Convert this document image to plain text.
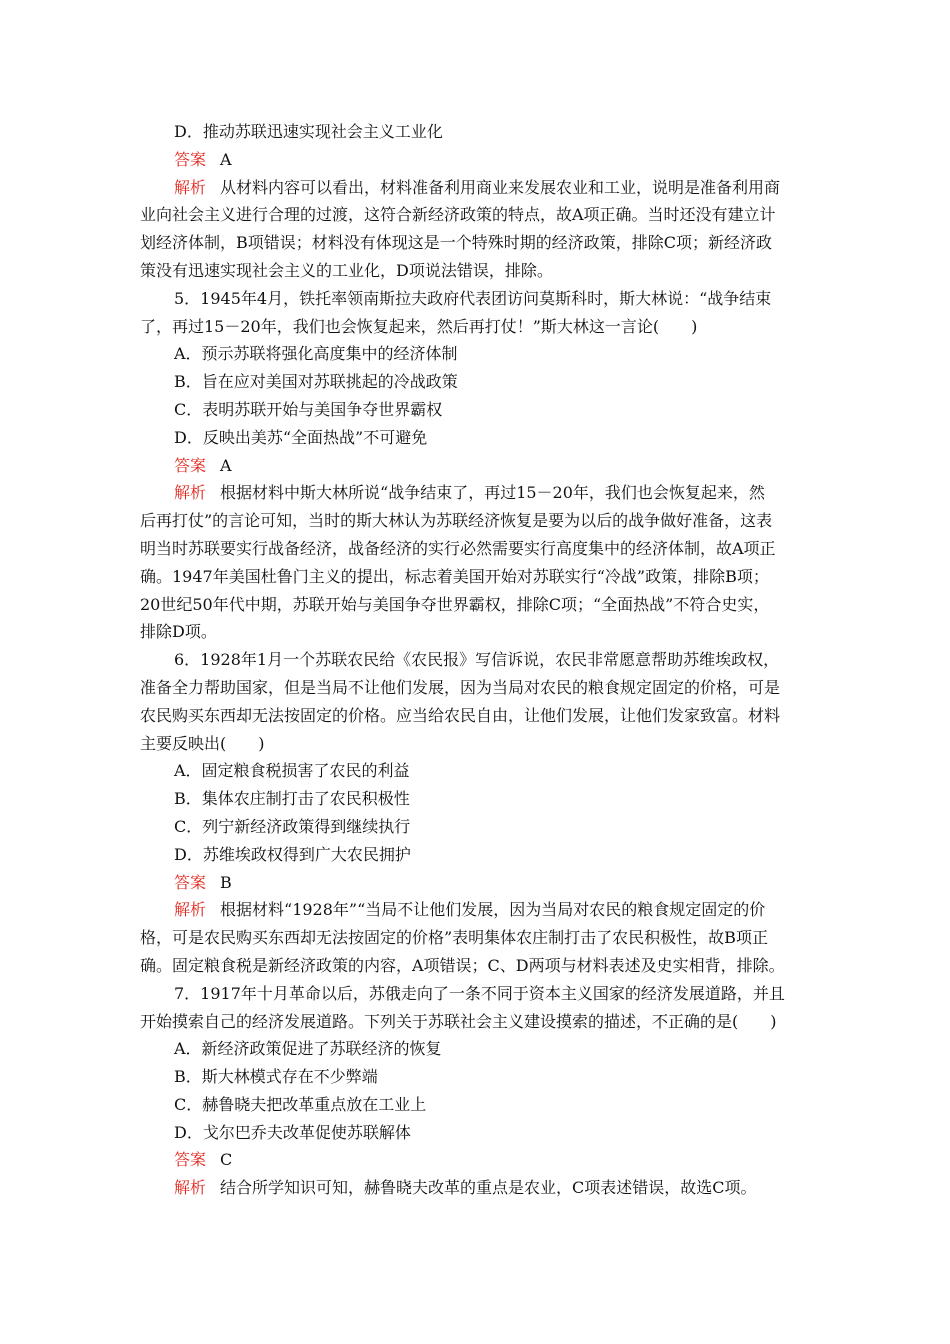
D．推动苏联迅速实现社会主义工业化
答案 A
解析 从材料内容可以看出，材料准备利用商业来发展农业和工业，说明是准备利用商
业向社会主义进行合理的过渡，这符合新经济政策的特点，故A项正确。当时还没有建立计
划经济体制，B项错误；材料没有体现这是一个特殊时期的经济政策，排除C项；新经济政
策没有迅速实现社会主义的工业化，D项说法错误，排除。
5．1945年4月，铁托率领南斯拉夫政府代表团访问莫斯科时，斯大林说：“战争结束
了，再过15－20年，我们也会恢复起来，然后再打仗！”斯大林这一言论(　　)
A．预示苏联将强化高度集中的经济体制
B．旨在应对美国对苏联挑起的冷战政策
C．表明苏联开始与美国争夺世界霸权
D．反映出美苏“全面热战”不可避免
答案 A
解析 根据材料中斯大林所说“战争结束了，再过15－20年，我们也会恢复起来，然
后再打仗”的言论可知，当时的斯大林认为苏联经济恢复是要为以后的战争做好准备，这表
明当时苏联要实行战备经济，战备经济的实行必然需要实行高度集中的经济体制，故A项正
确。1947年美国杜鲁门主义的提出，标志着美国开始对苏联实行“冷战”政策，排除B项；
20世纪50年代中期，苏联开始与美国争夺世界霸权，排除C项；“全面热战”不符合史实，
排除D项。
6．1928年1月一个苏联农民给《农民报》写信诉说，农民非常愿意帮助苏维埃政权，
准备全力帮助国家，但是当局不让他们发展，因为当局对农民的粮食规定固定的价格，可是
农民购买东西却无法按固定的价格。应当给农民自由，让他们发展，让他们发家致富。材料
主要反映出(　　)
A．固定粮食税损害了农民的利益
B．集体农庄制打击了农民积极性
C．列宁新经济政策得到继续执行
D．苏维埃政权得到广大农民拥护
答案 B
解析 根据材料“1928年”“当局不让他们发展，因为当局对农民的粮食规定固定的价
格，可是农民购买东西却无法按固定的价格”表明集体农庄制打击了农民积极性，故B项正
确。固定粮食税是新经济政策的内容，A项错误；C、D两项与材料表述及史实相背，排除。
7．1917年十月革命以后，苏俄走向了一条不同于资本主义国家的经济发展道路，并且
开始摸索自己的经济发展道路。下列关于苏联社会主义建设摸索的描述，不正确的是(　　)
A．新经济政策促进了苏联经济的恢复
B．斯大林模式存在不少弊端
C．赫鲁晓夫把改革重点放在工业上
D．戈尔巴乔夫改革促使苏联解体
答案 C
解析 结合所学知识可知，赫鲁晓夫改革的重点是农业，C项表述错误，故选C项。
